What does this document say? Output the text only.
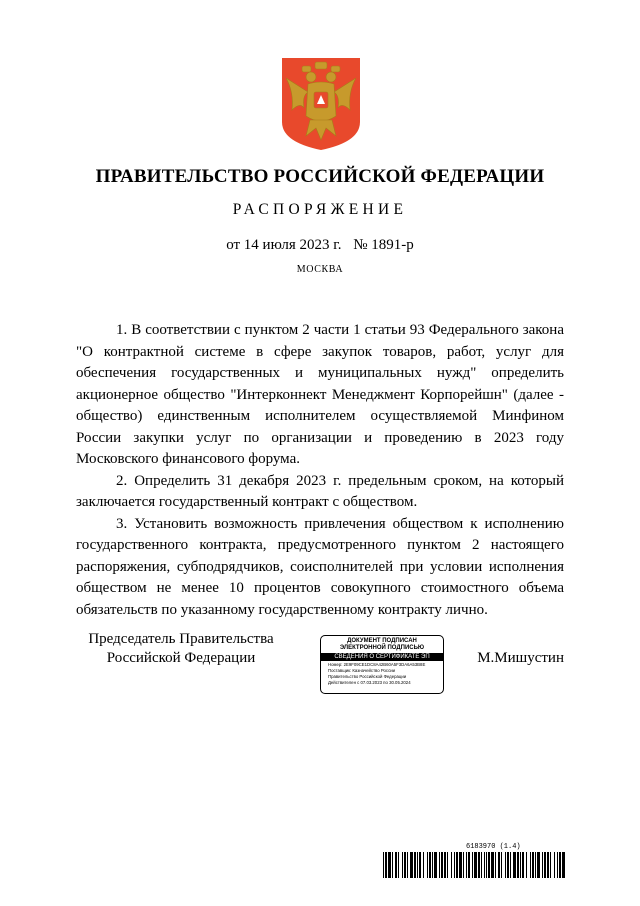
ПРАВИТЕЛЬСТВО РОССИЙСКОЙ ФЕДЕРАЦИИ
РАСПОРЯЖЕНИЕ
от 14 июля 2023 г. № 1891-р
МОСКВА

1. В соответствии с пунктом 2 части 1 статьи 93 Федерального закона "О контрактной системе в сфере закупок товаров, работ, услуг для обеспечения государственных и муниципальных нужд" определить акционерное общество "Интерконнект Менеджмент Корпорейшн" (далее - общество) единственным исполнителем осуществляемой Минфином России закупки услуг по организации и проведению в 2023 году Московского финансового форума.

2. Определить 31 декабря 2023 г. предельным сроком, на который заключается государственный контракт с обществом.

3. Установить возможность привлечения обществом к исполнению государственного контракта, предусмотренного пунктом 2 настоящего распоряжения, субподрядчиков, соисполнителей при условии исполнения обществом не менее 10 процентов совокупного стоимостного объема обязательств по указанному государственному контракту лично.

Председатель Правительства
Российской Федерации
ДОКУМЕНТ ПОДПИСАН
ЭЛЕКТРОННОЙ ПОДПИСЬЮ
СВЕДЕНИЯ О СЕРТИФИКАТЕ ЭП
Номер: 2E9F09CE1DC8A42B60A5F3DA6A53B8E
Поставщик: Казначейство России
Правительство Российской Федерации
Действителен с 07.03.2023 по 30.05.2024
М.Мишустин
6183970 (1.4)
